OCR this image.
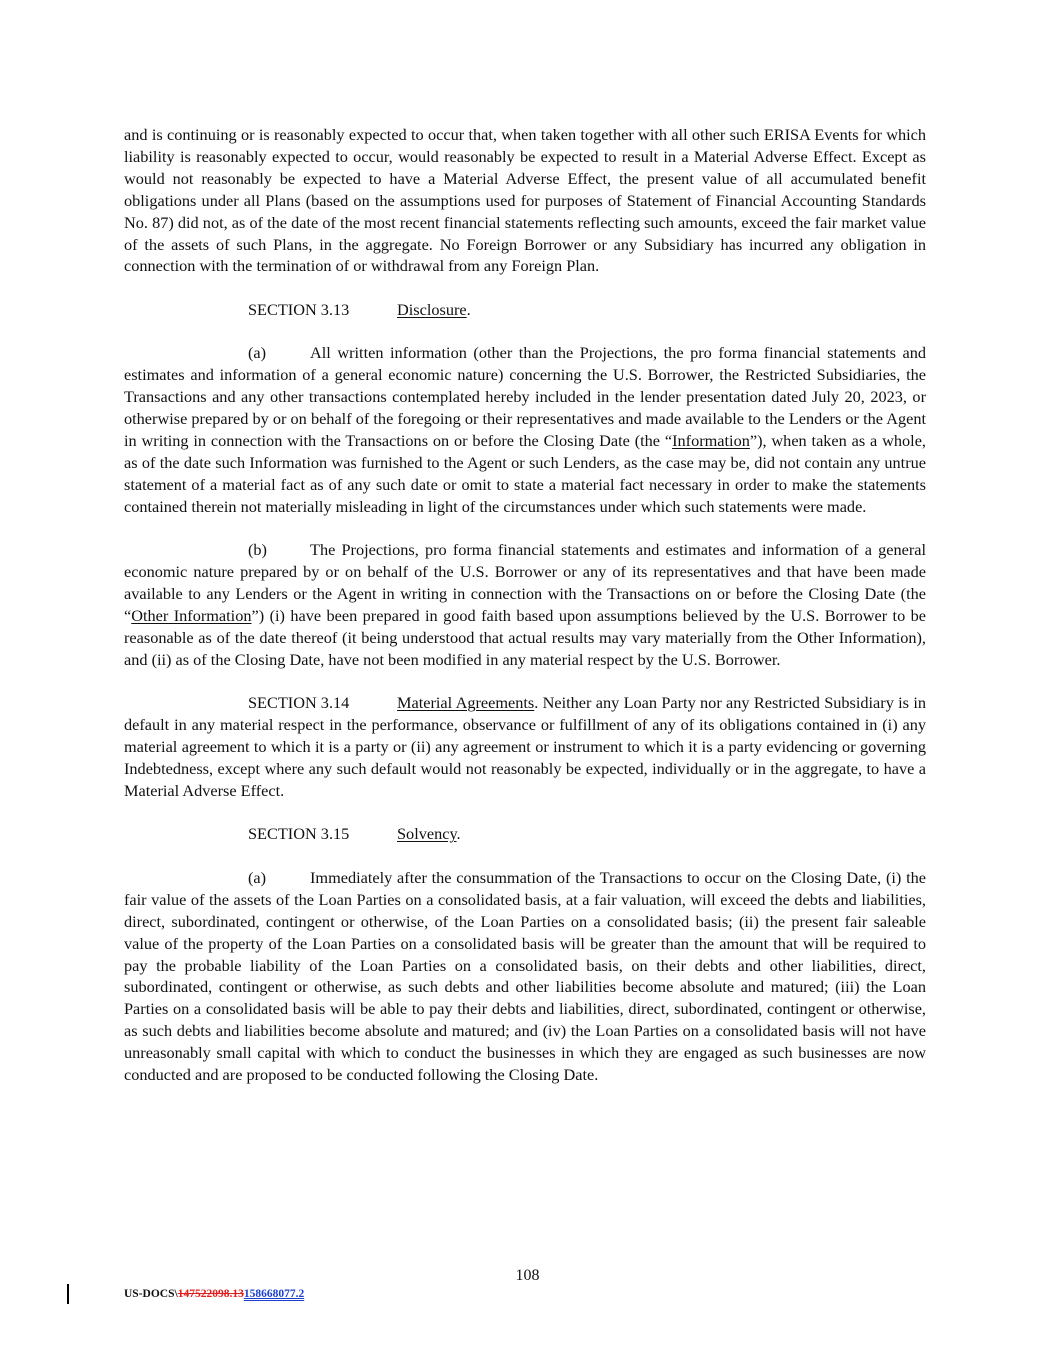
and is continuing or is reasonably expected to occur that, when taken together with all other such ERISA Events for which liability is reasonably expected to occur, would reasonably be expected to result in a Material Adverse Effect. Except as would not reasonably be expected to have a Material Adverse Effect, the present value of all accumulated benefit obligations under all Plans (based on the assumptions used for purposes of Statement of Financial Accounting Standards No. 87) did not, as of the date of the most recent financial statements reflecting such amounts, exceed the fair market value of the assets of such Plans, in the aggregate. No Foreign Borrower or any Subsidiary has incurred any obligation in connection with the termination of or withdrawal from any Foreign Plan.

SECTION 3.13	Disclosure.

(a)	All written information (other than the Projections, the pro forma financial statements and estimates and information of a general economic nature) concerning the U.S. Borrower, the Restricted Subsidiaries, the Transactions and any other transactions contemplated hereby included in the lender presentation dated July 20, 2023, or otherwise prepared by or on behalf of the foregoing or their representatives and made available to the Lenders or the Agent in writing in connection with the Transactions on or before the Closing Date (the “Information”), when taken as a whole, as of the date such Information was furnished to the Agent or such Lenders, as the case may be, did not contain any untrue statement of a material fact as of any such date or omit to state a material fact necessary in order to make the statements contained therein not materially misleading in light of the circumstances under which such statements were made.

(b)	The Projections, pro forma financial statements and estimates and information of a general economic nature prepared by or on behalf of the U.S. Borrower or any of its representatives and that have been made available to any Lenders or the Agent in writing in connection with the Transactions on or before the Closing Date (the “Other Information”) (i) have been prepared in good faith based upon assumptions believed by the U.S. Borrower to be reasonable as of the date thereof (it being understood that actual results may vary materially from the Other Information), and (ii) as of the Closing Date, have not been modified in any material respect by the U.S. Borrower.

SECTION 3.14	Material Agreements. Neither any Loan Party nor any Restricted Subsidiary is in default in any material respect in the performance, observance or fulfillment of any of its obligations contained in (i) any material agreement to which it is a party or (ii) any agreement or instrument to which it is a party evidencing or governing Indebtedness, except where any such default would not reasonably be expected, individually or in the aggregate, to have a Material Adverse Effect.

SECTION 3.15	Solvency.

(a)	Immediately after the consummation of the Transactions to occur on the Closing Date, (i) the fair value of the assets of the Loan Parties on a consolidated basis, at a fair valuation, will exceed the debts and liabilities, direct, subordinated, contingent or otherwise, of the Loan Parties on a consolidated basis; (ii) the present fair saleable value of the property of the Loan Parties on a consolidated basis will be greater than the amount that will be required to pay the probable liability of the Loan Parties on a consolidated basis, on their debts and other liabilities, direct, subordinated, contingent or otherwise, as such debts and other liabilities become absolute and matured; (iii) the Loan Parties on a consolidated basis will be able to pay their debts and liabilities, direct, subordinated, contingent or otherwise, as such debts and liabilities become absolute and matured; and (iv) the Loan Parties on a consolidated basis will not have unreasonably small capital with which to conduct the businesses in which they are engaged as such businesses are now conducted and are proposed to be conducted following the Closing Date.

108
US-DOCS\147522098.13158668077.2
